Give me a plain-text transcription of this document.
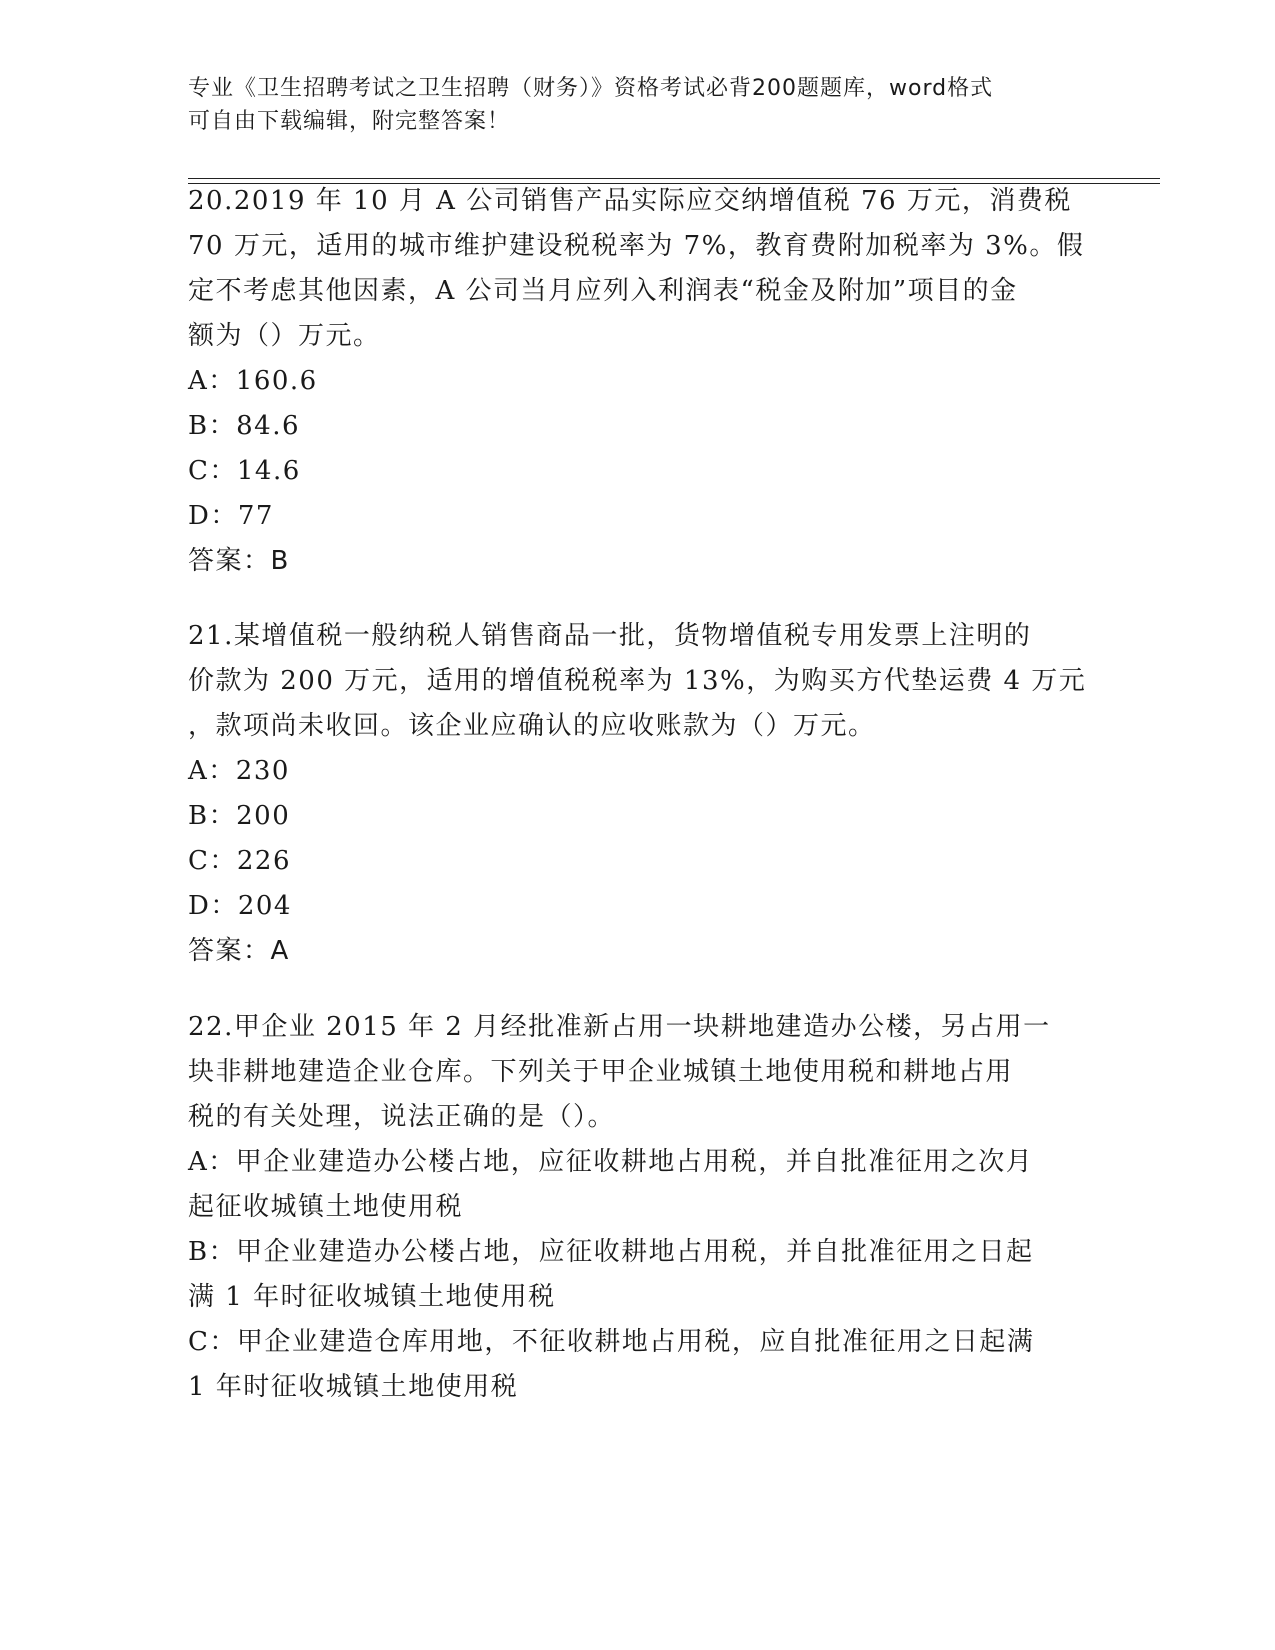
专业《卫生招聘考试之卫生招聘（财务）》资格考试必背200题题库，word格式
可自由下载编辑，附完整答案！
20.2019 年 10 月 A 公司销售产品实际应交纳增值税 76 万元，消费税
70 万元，适用的城市维护建设税税率为 7%，教育费附加税率为 3%。假
定不考虑其他因素，A 公司当月应列入利润表“税金及附加”项目的金
额为（）万元。
A：160.6
B：84.6
C：14.6
D：77
答案：B
21.某增值税一般纳税人销售商品一批，货物增值税专用发票上注明的
价款为 200 万元，适用的增值税税率为 13%，为购买方代垫运费 4 万元
，款项尚未收回。该企业应确认的应收账款为（）万元。
A：230
B：200
C：226
D：204
答案：A
22.甲企业 2015 年 2 月经批准新占用一块耕地建造办公楼，另占用一
块非耕地建造企业仓库。下列关于甲企业城镇土地使用税和耕地占用
税的有关处理，说法正确的是（）。
A：甲企业建造办公楼占地，应征收耕地占用税，并自批准征用之次月
起征收城镇土地使用税
B：甲企业建造办公楼占地，应征收耕地占用税，并自批准征用之日起
满 1 年时征收城镇土地使用税
C：甲企业建造仓库用地，不征收耕地占用税，应自批准征用之日起满
1 年时征收城镇土地使用税
